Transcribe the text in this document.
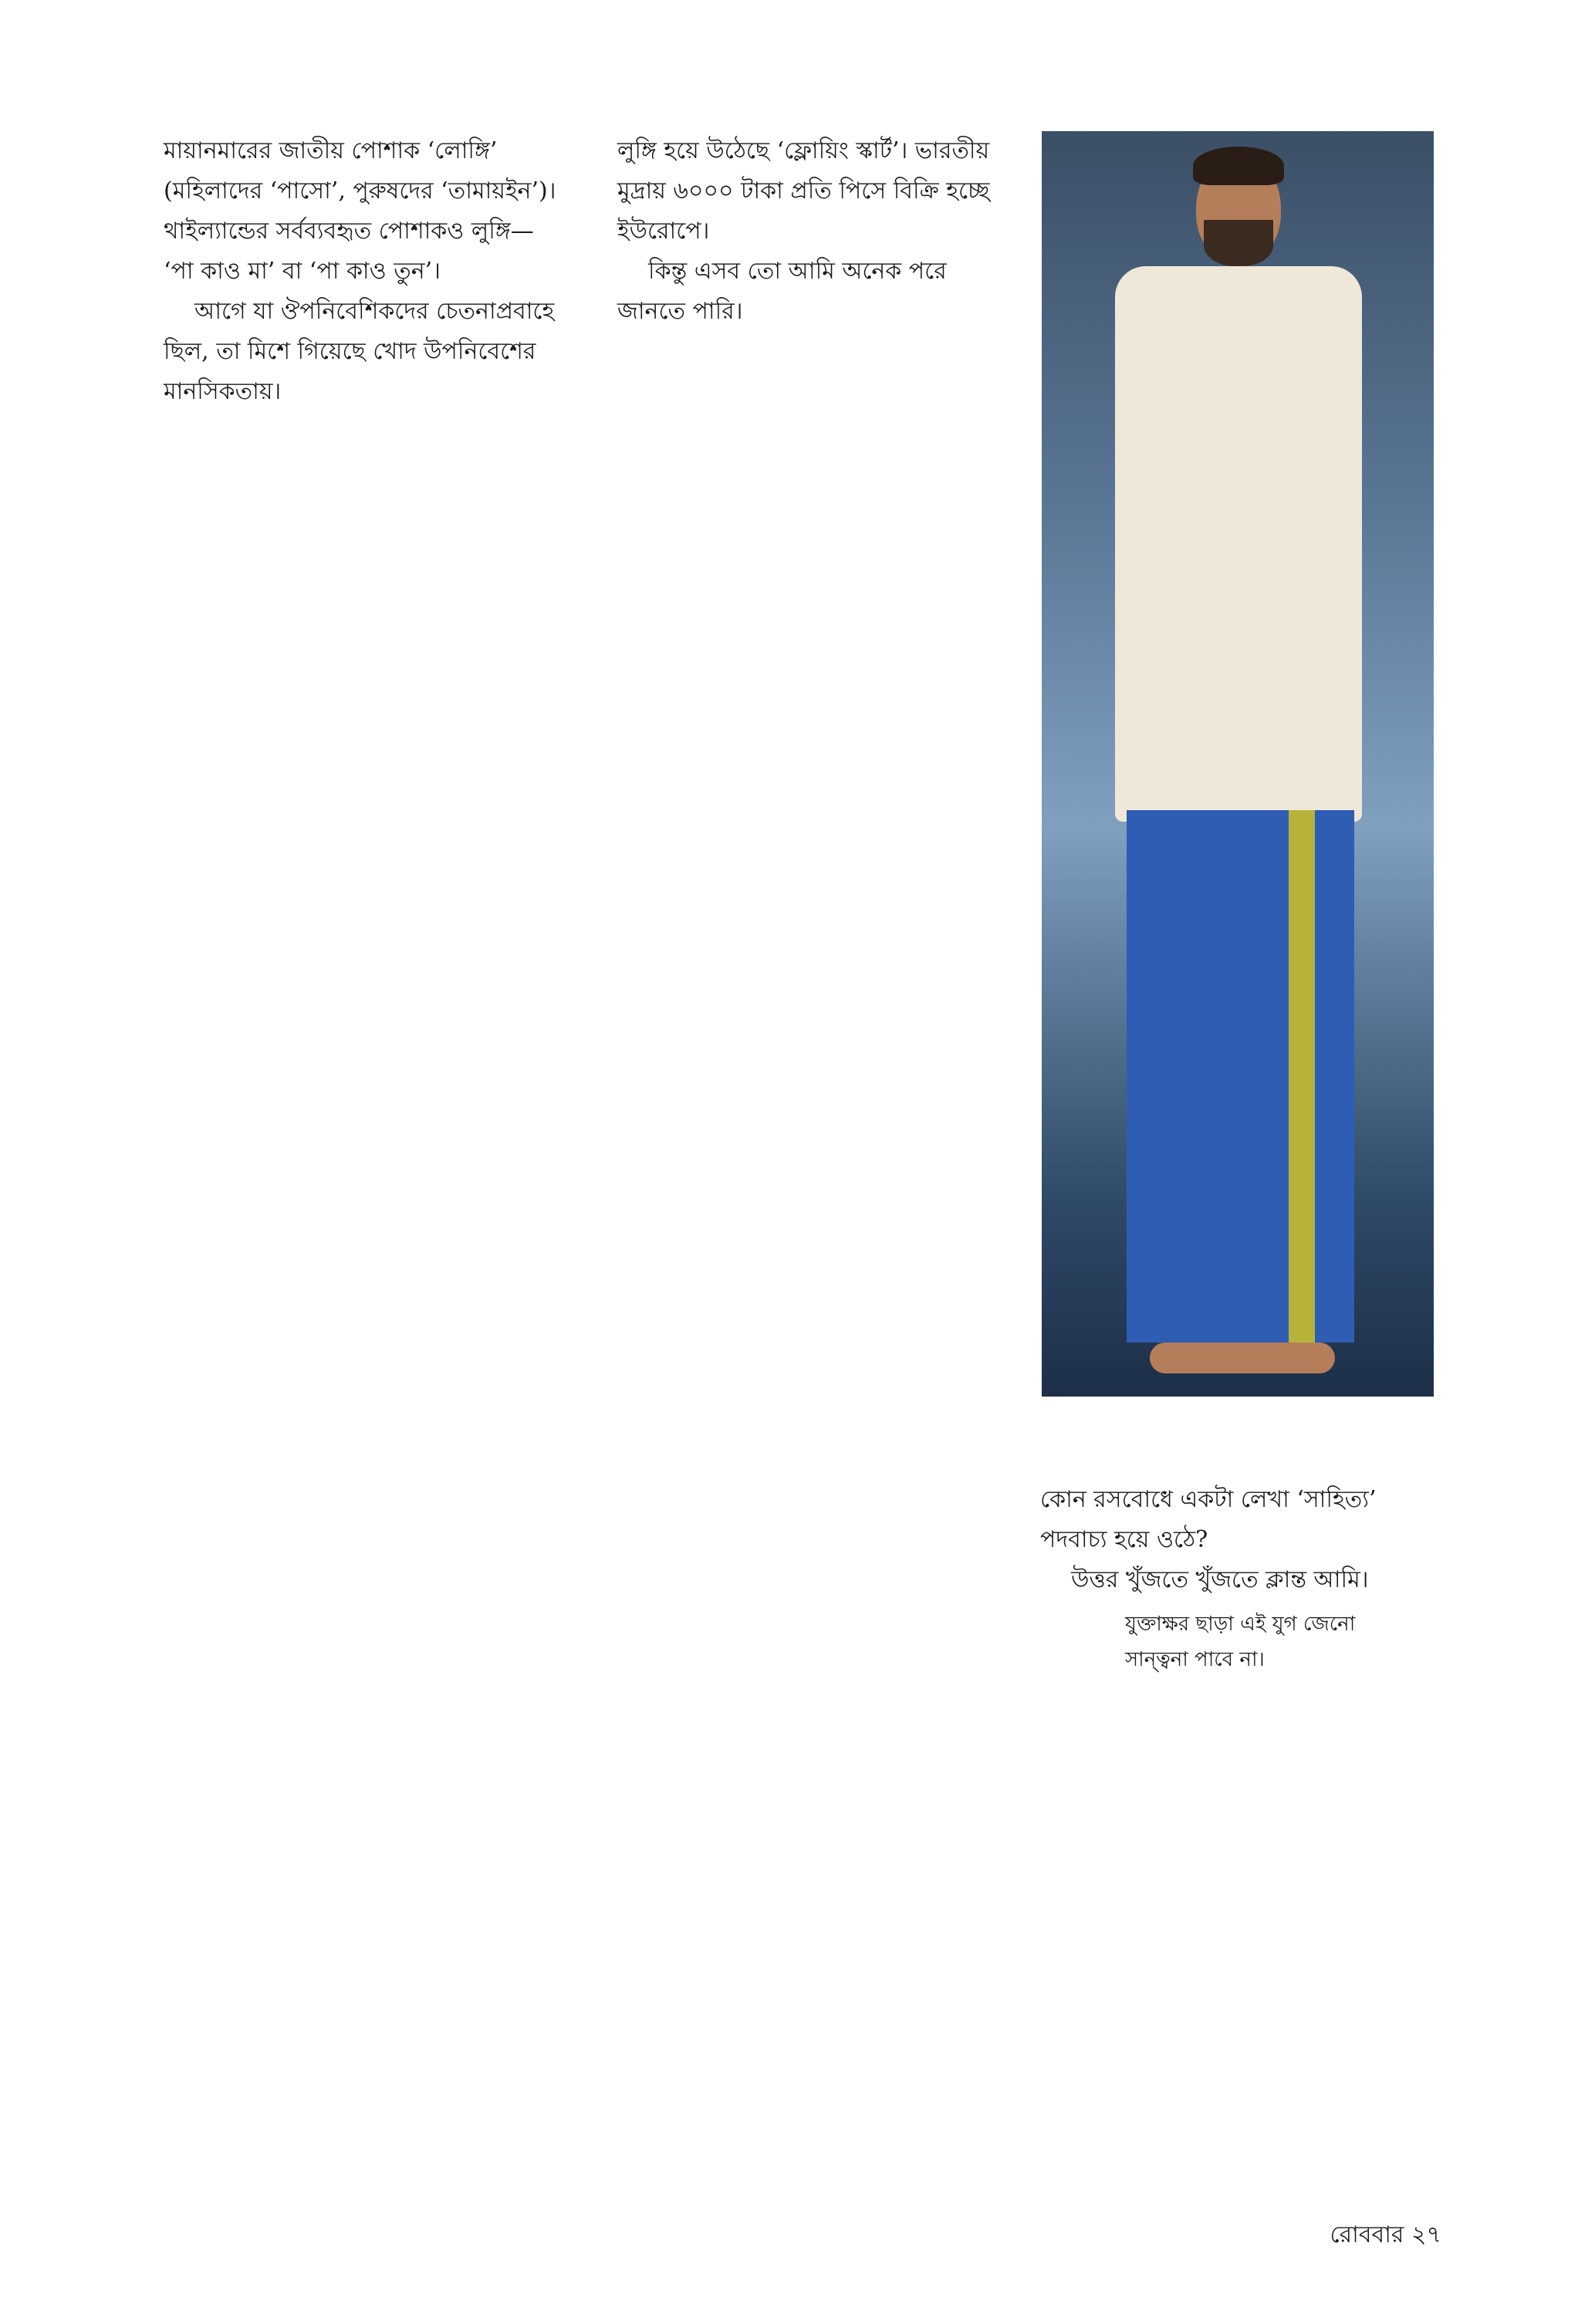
মায়ানমারের জাতীয় পোশাক ‘লোঙ্গি’ (মহিলাদের ‘পাসো’, পুরুষদের ‘তামায়ইন’)। থাইল্যান্ডের সর্বব্যবহৃত পোশাকও লুঙ্গি— ‘পা কাও মা’ বা ‘পা কাও তুন’।

আগে যা ঔপনিবেশিকদের চেতনাপ্রবাহে ছিল, তা মিশে গিয়েছে খোদ উপনিবেশের মানসিকতায়।

লুঙ্গি হয়ে উঠেছে ‘ফ্লোয়িং স্কার্ট’। ভারতীয় মুদ্রায় ৬০০০ টাকা প্রতি পিসে বিক্রি হচ্ছে ইউরোপে।

কিন্তু এসব তো আমি অনেক পরে জানতে পারি।

কোন রসবোধে একটা লেখা ‘সাহিত্য’ পদবাচ্য হয়ে ওঠে?

উত্তর খুঁজতে খুঁজতে ক্লান্ত আমি।

যুক্তাক্ষর ছাড়া এই যুগ জেনো
সান্ত্বনা পাবে না।
রোববার ২৭
